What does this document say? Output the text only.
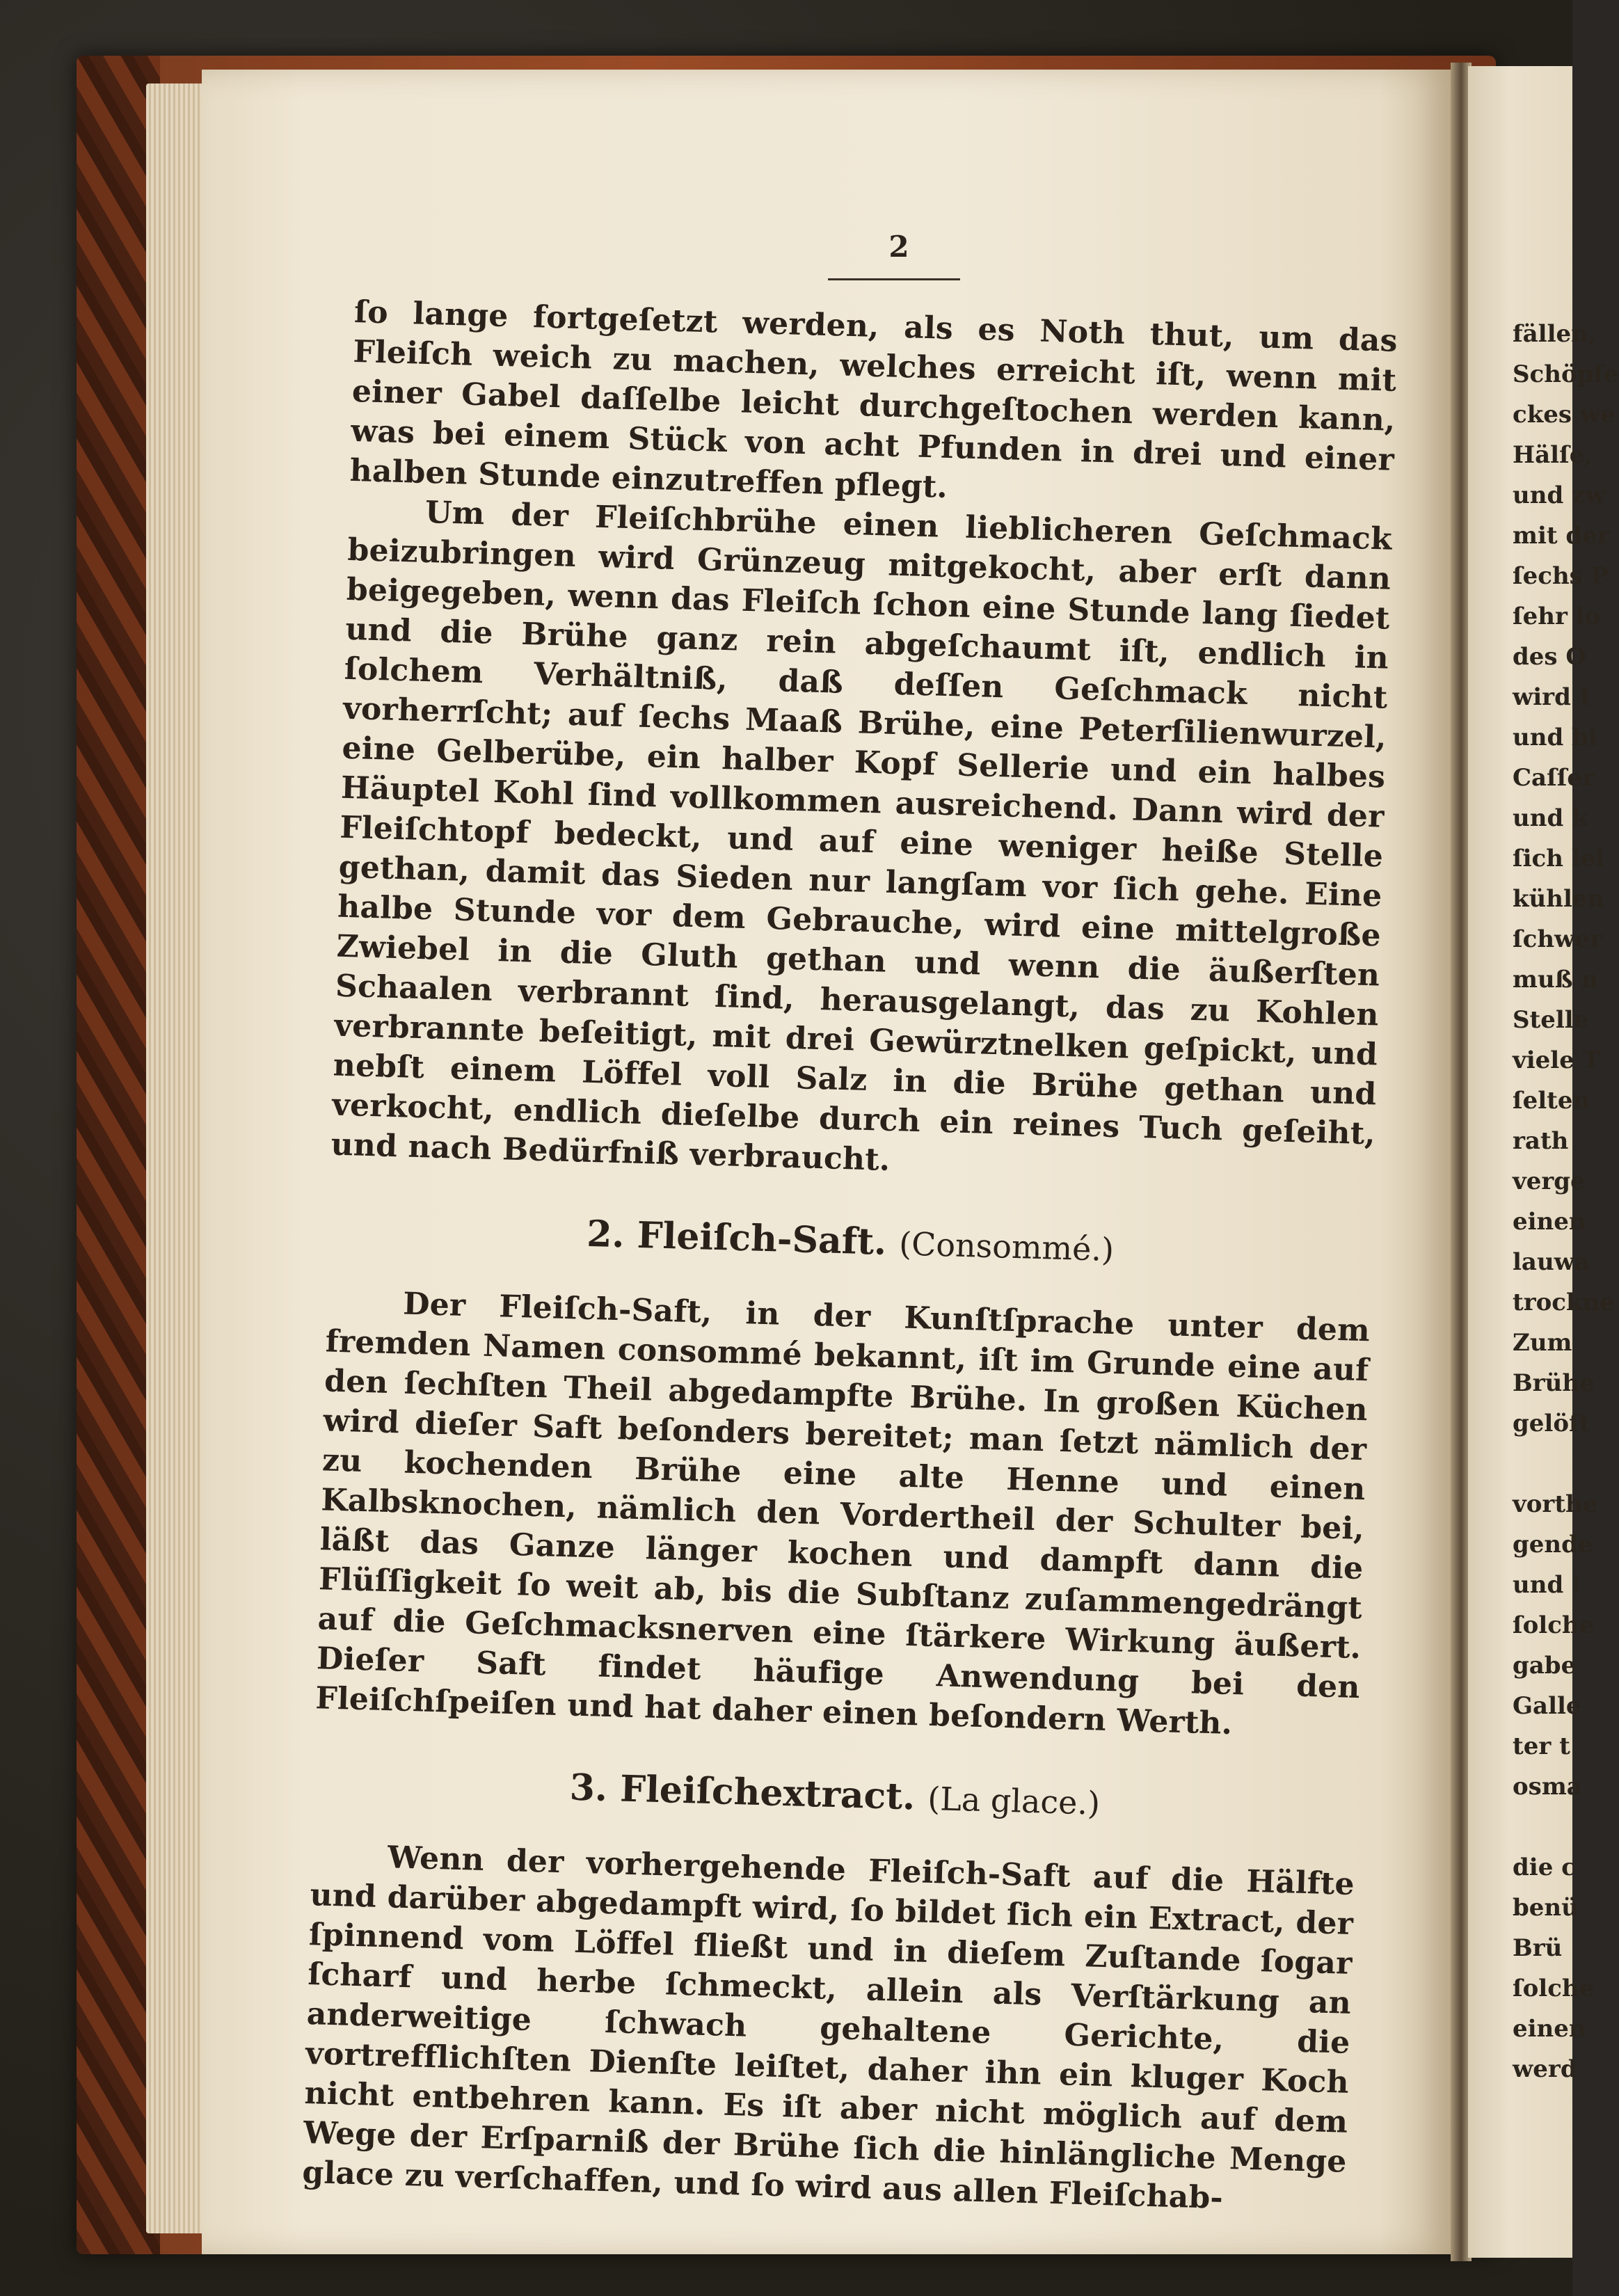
fällen,
Schöpſe
ckes we
Hälſe,
und zw
mit der
ſechs P
ſehr lo
des O
wird I
und bi
Caſſer
und k
ſich lei
kühlen
ſchwer
muß n
Stelle
viele T
ſelten
rath
verge
einen
lauwa
trockne
Zum
Brühe
gelöſt
vorthe
gende
und i
ſolche
gabe
Galle
ter t
osma
die c
benü
Brü
ſolche
einen
werd
2

ſo lange fortgeſetzt werden, als es Noth thut, um das Fleiſch weich zu machen, welches erreicht iſt, wenn mit einer Gabel daſſelbe leicht durchgeſtochen werden kann, was bei einem Stück von acht Pfunden in drei und einer halben Stunde einzutreffen pflegt.

Um der Fleiſchbrühe einen lieblicheren Geſchmack beizubringen wird Grünzeug mitgekocht, aber erſt dann beigegeben, wenn das Fleiſch ſchon eine Stunde lang ſiedet und die Brühe ganz rein abgeſchaumt iſt, endlich in ſolchem Verhältniß, daß deſſen Geſchmack nicht vorherrſcht; auf ſechs Maaß Brühe, eine Peterſilienwurzel, eine Gelberübe, ein halber Kopf Sellerie und ein halbes Häuptel Kohl ſind vollkommen ausreichend. Dann wird der Fleiſchtopf bedeckt, und auf eine weniger heiße Stelle gethan, damit das Sieden nur langſam vor ſich gehe. Eine halbe Stunde vor dem Gebrauche, wird eine mittelgroße Zwiebel in die Gluth gethan und wenn die äußerſten Schaalen verbrannt ſind, herausgelangt, das zu Kohlen verbrannte beſeitigt, mit drei Gewürztnelken geſpickt, und nebſt einem Löffel voll Salz in die Brühe gethan und verkocht, endlich dieſelbe durch ein reines Tuch geſeiht, und nach Bedürfniß verbraucht.

2. Fleiſch-Saft. (Consommé.)

Der Fleiſch-Saft, in der Kunſtſprache unter dem fremden Namen consommé bekannt, iſt im Grunde eine auf den ſechſten Theil abgedampfte Brühe. In großen Küchen wird dieſer Saft beſonders bereitet; man ſetzt nämlich der zu kochenden Brühe eine alte Henne und einen Kalbsknochen, nämlich den Vordertheil der Schulter bei, läßt das Ganze länger kochen und dampft dann die Flüſſigkeit ſo weit ab, bis die Subſtanz zuſammengedrängt auf die Geſchmacksnerven eine ſtärkere Wirkung äußert. Dieſer Saft findet häufige Anwendung bei den Fleiſchſpeiſen und hat daher einen beſondern Werth.

3. Fleiſchextract. (La glace.)

Wenn der vorhergehende Fleiſch-Saft auf die Hälfte und darüber abgedampft wird, ſo bildet ſich ein Extract, der ſpinnend vom Löffel fließt und in dieſem Zuſtande ſogar ſcharf und herbe ſchmeckt, allein als Verſtärkung an anderweitige ſchwach gehaltene Gerichte, die vortrefflichſten Dienſte leiſtet, daher ihn ein kluger Koch nicht entbehren kann. Es iſt aber nicht möglich auf dem Wege der Erſparniß der Brühe ſich die hinlängliche Menge glace zu verſchaffen, und ſo wird aus allen Fleiſchab-
